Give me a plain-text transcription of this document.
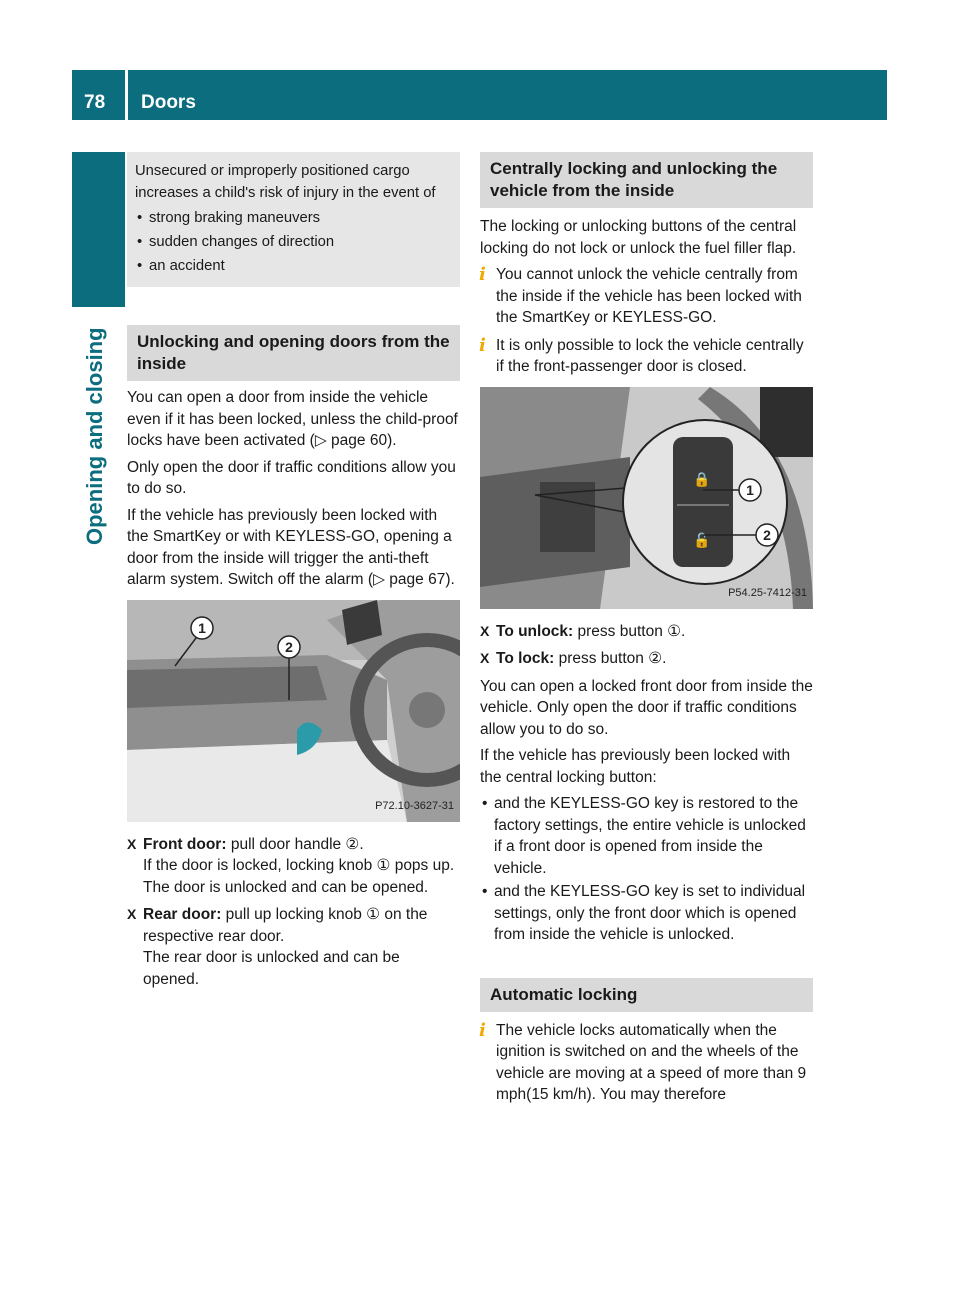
78 Doors
Opening and closing

Unsecured or improperly positioned cargo increases a child's risk of injury in the event of

• strong braking maneuvers
• sudden changes of direction
• an accident
Unlocking and opening doors from the inside

You can open a door from inside the vehicle even if it has been locked, unless the child-proof locks have been activated (▷ page 60).

Only open the door if traffic conditions allow you to do so.

If the vehicle has previously been locked with the SmartKey or with KEYLESS-GO, opening a door from the inside will trigger the anti-theft alarm system. Switch off the alarm (▷ page 67).

1
2
P72.10-3627-31
X Front door: pull door handle ②.
If the door is locked, locking knob ① pops up. The door is unlocked and can be opened.
X Rear door: pull up locking knob ① on the respective rear door.
The rear door is unlocked and can be opened.
Centrally locking and unlocking the vehicle from the inside

The locking or unlocking buttons of the central locking do not lock or unlock the fuel filler flap.

i You cannot unlock the vehicle centrally from the inside if the vehicle has been locked with the SmartKey or KEYLESS-GO.
i It is only possible to lock the vehicle centrally if the front-passenger door is closed.
🔒
🔓
1
2
P54.25-7412-31
X To unlock: press button ①.
X To lock: press button ②.

You can open a locked front door from inside the vehicle. Only open the door if traffic conditions allow you to do so.

If the vehicle has previously been locked with the central locking button:

• and the KEYLESS-GO key is restored to the factory settings, the entire vehicle is unlocked if a front door is opened from inside the vehicle.
• and the KEYLESS-GO key is set to individual settings, only the front door which is opened from inside the vehicle is unlocked.
Automatic locking
i The vehicle locks automatically when the ignition is switched on and the wheels of the vehicle are moving at a speed of more than 9 mph(15 km/h). You may therefore
